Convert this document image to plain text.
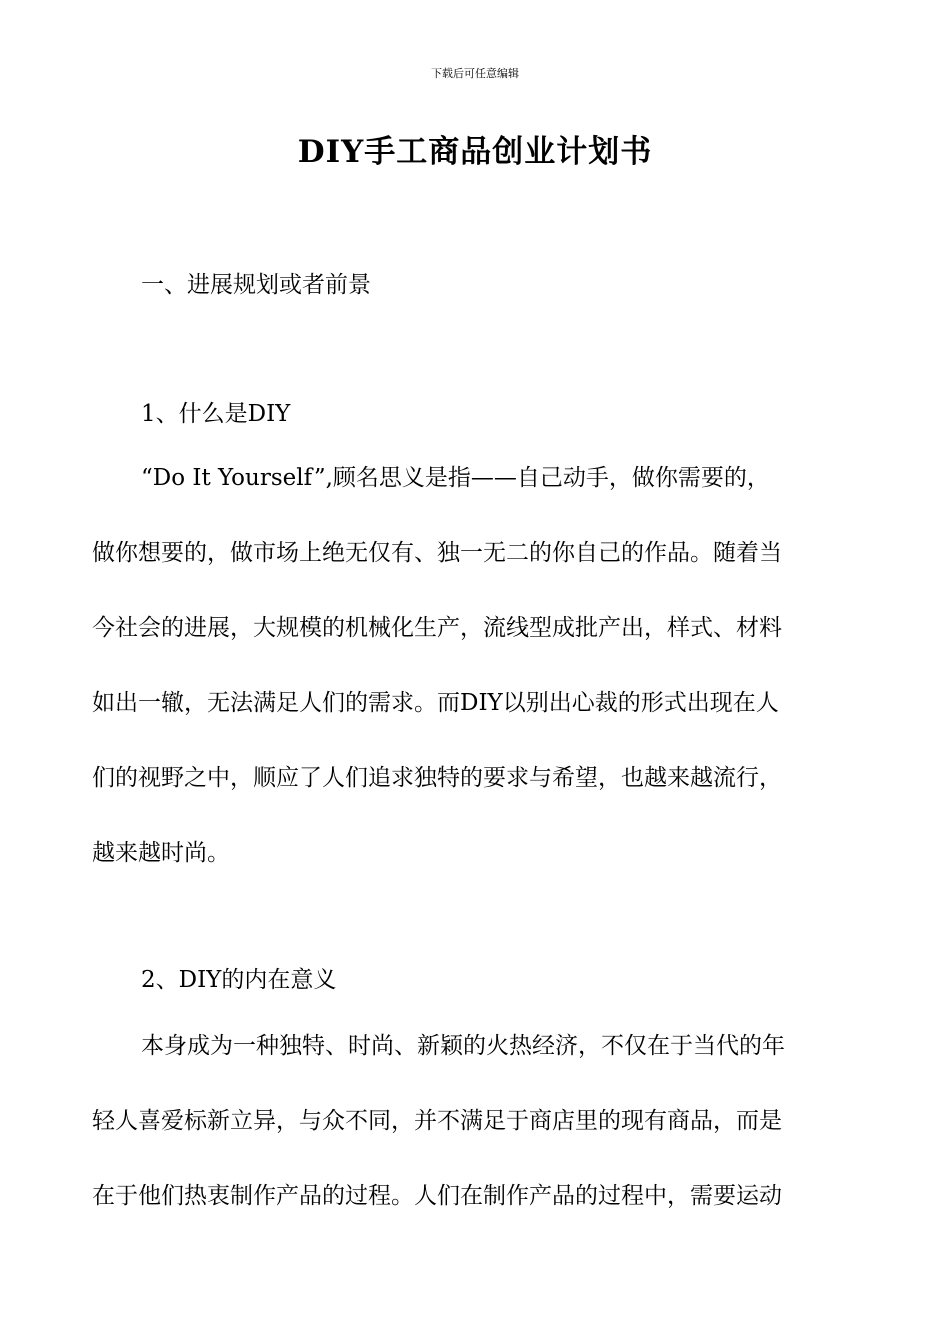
下载后可任意编辑
DIY手工商品创业计划书

一、进展规划或者前景

1、什么是DIY

“Do It Yourself”,顾名思义是指——自己动手，做你需要的，

做你想要的，做市场上绝无仅有、独一无二的你自己的作品。随着当

今社会的进展，大规模的机械化生产，流线型成批产出，样式、材料

如出一辙，无法满足人们的需求。而DIY以别出心裁的形式出现在人

们的视野之中，顺应了人们追求独特的要求与希望，也越来越流行，

越来越时尚。

2、DIY的内在意义

本身成为一种独特、时尚、新颖的火热经济，不仅在于当代的年

轻人喜爱标新立异，与众不同，并不满足于商店里的现有商品，而是

在于他们热衷制作产品的过程。人们在制作产品的过程中，需要运动
